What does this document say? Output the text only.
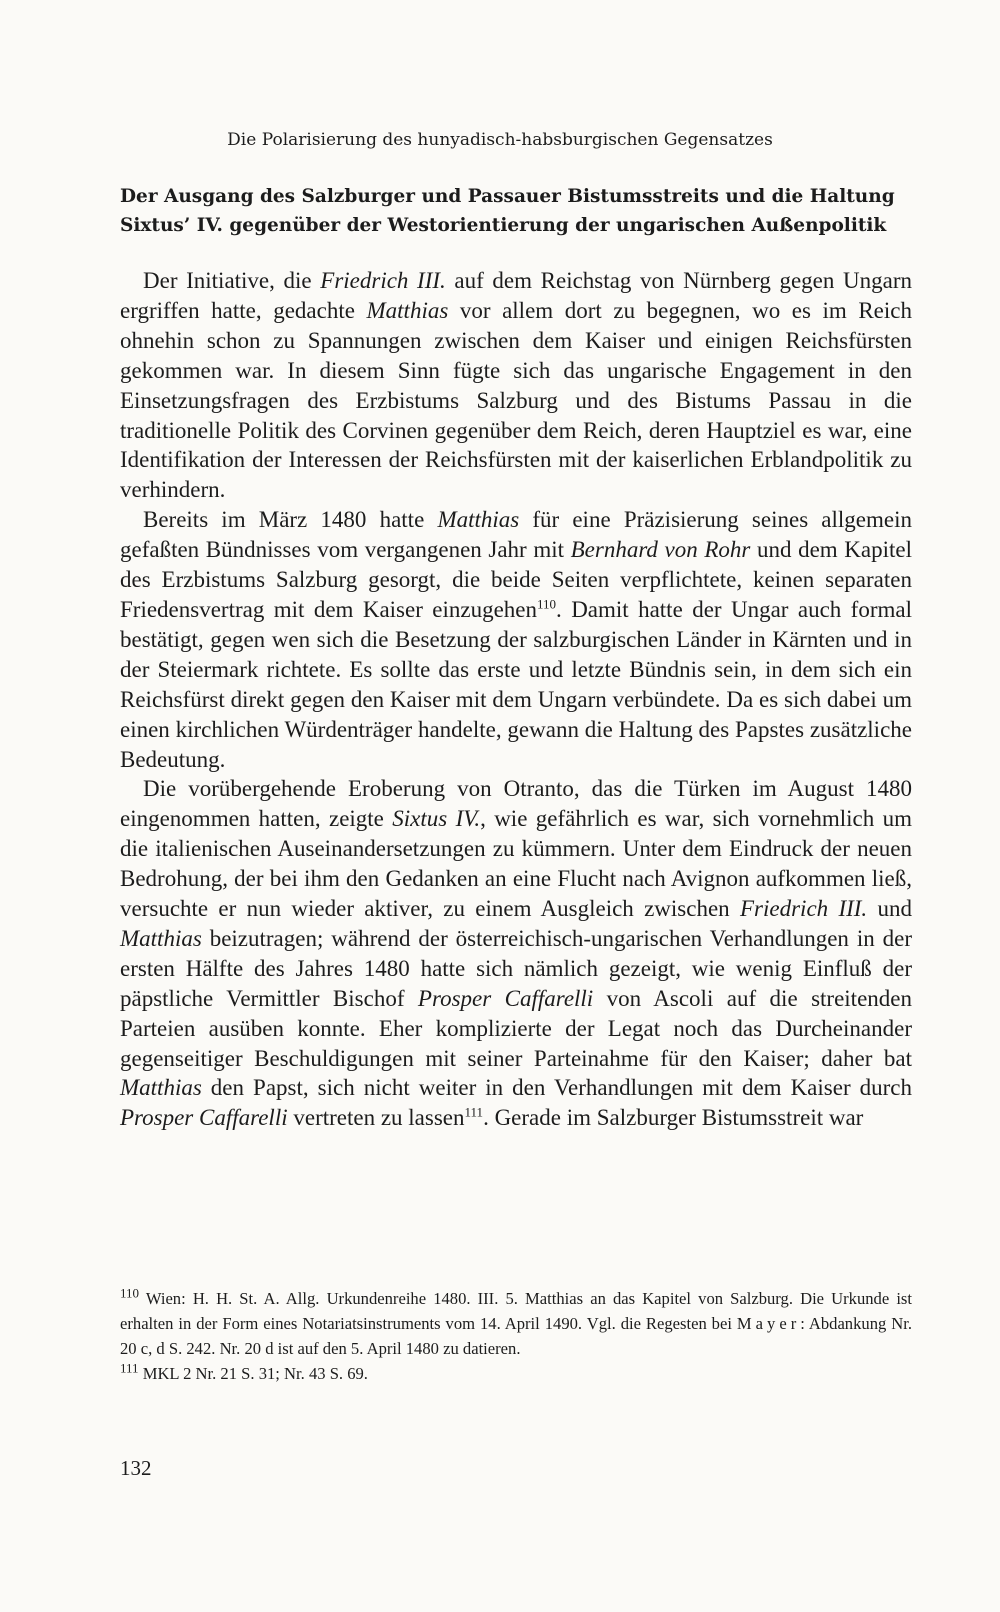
Die Polarisierung des hunyadisch-habsburgischen Gegensatzes
Der Ausgang des Salzburger und Passauer Bistumsstreits und die Haltung Sixtus’ IV. gegenüber der Westorientierung der ungarischen Außenpolitik

 Der Initiative, die Friedrich III. auf dem Reichstag von Nürnberg gegen Ungarn ergriffen hatte, gedachte Matthias vor allem dort zu begegnen, wo es im Reich ohnehin schon zu Spannungen zwischen dem Kaiser und einigen Reichsfürsten gekommen war. In diesem Sinn fügte sich das ungarische Engagement in den Einsetzungsfragen des Erzbistums Salzburg und des Bistums Passau in die traditionelle Politik des Corvinen gegenüber dem Reich, deren Hauptziel es war, eine Identifikation der Interessen der Reichsfürsten mit der kaiserlichen Erblandpolitik zu verhindern.

 Bereits im März 1480 hatte Matthias für eine Präzisierung seines allgemein gefaßten Bündnisses vom vergangenen Jahr mit Bernhard von Rohr und dem Kapitel des Erzbistums Salzburg gesorgt, die beide Seiten verpflichtete, keinen separaten Friedensvertrag mit dem Kaiser einzugehen$^{110}$. Damit hatte der Ungar auch formal bestätigt, gegen wen sich die Besetzung der salzburgischen Länder in Kärnten und in der Steiermark richtete. Es sollte das erste und letzte Bündnis sein, in dem sich ein Reichsfürst direkt gegen den Kaiser mit dem Ungarn verbündete. Da es sich dabei um einen kirchlichen Würdenträger handelte, gewann die Haltung des Papstes zusätzliche Bedeutung.

 Die vorübergehende Eroberung von Otranto, das die Türken im August 1480 eingenommen hatten, zeigte Sixtus IV., wie gefährlich es war, sich vornehmlich um die italienischen Auseinandersetzungen zu kümmern. Unter dem Eindruck der neuen Bedrohung, der bei ihm den Gedanken an eine Flucht nach Avignon aufkommen ließ, versuchte er nun wieder aktiver, zu einem Ausgleich zwischen Friedrich III. und Matthias beizutragen; während der österreichisch-ungarischen Verhandlungen in der ersten Hälfte des Jahres 1480 hatte sich nämlich gezeigt, wie wenig Einfluß der päpstliche Vermittler Bischof Prosper Caffarelli von Ascoli auf die streitenden Parteien ausüben konnte. Eher komplizierte der Legat noch das Durcheinander gegenseitiger Beschuldigungen mit seiner Parteinahme für den Kaiser; daher bat Matthias den Papst, sich nicht weiter in den Verhandlungen mit dem Kaiser durch Prosper Caffarelli vertreten zu lassen$^{111}$. Gerade im Salzburger Bistumsstreit war

$^{110}$ Wien: H. H. St. A. Allg. Urkundenreihe 1480. III. 5. Matthias an das Kapitel von Salzburg. Die Urkunde ist erhalten in der Form eines Notariatsinstruments vom 14. April 1490. Vgl. die Regesten bei Mayer: Abdankung Nr. 20 c, d S. 242. Nr. 20 d ist auf den 5. April 1480 zu datieren.

$^{111}$ MKL 2 Nr. 21 S. 31; Nr. 43 S. 69.

132
